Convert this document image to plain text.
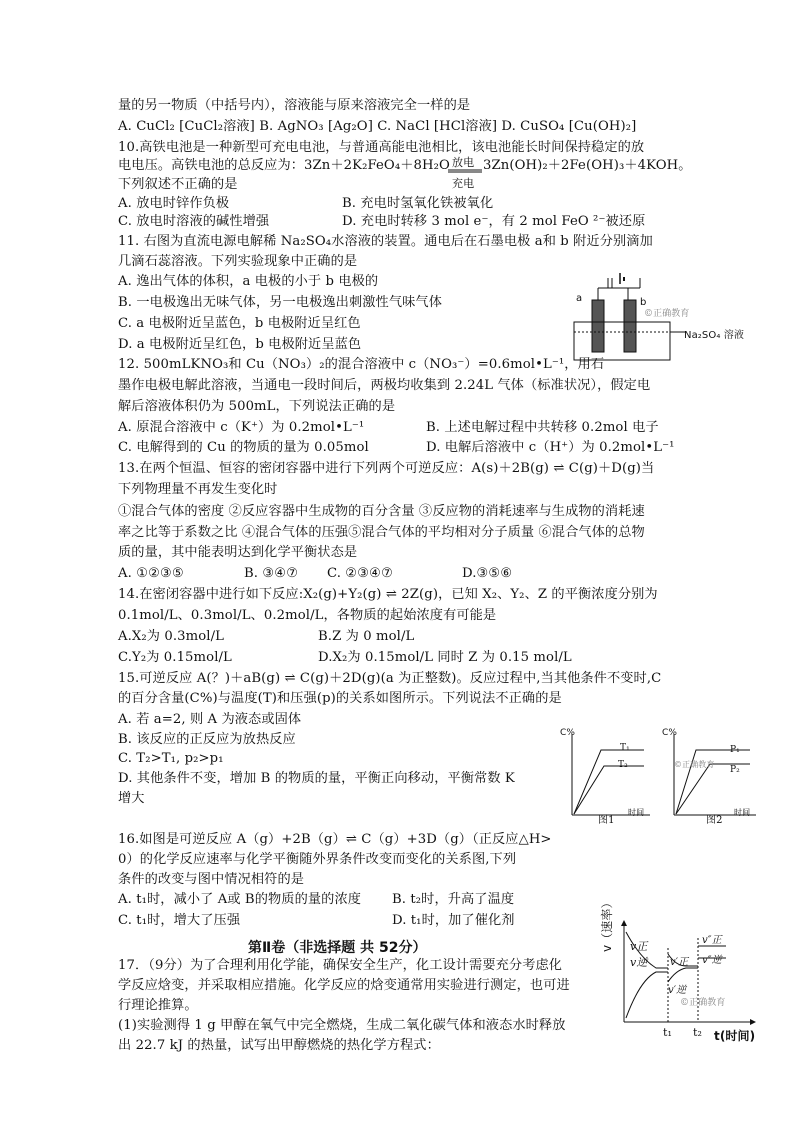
量的另一物质（中括号内），溶液能与原来溶液完全一样的是
A. CuCl₂ [CuCl₂溶液] B. AgNO₃ [Ag₂O] C. NaCl [HCl溶液] D. CuSO₄ [Cu(OH)₂]
10.高铁电池是一种新型可充电电池，与普通高能电池相比，该电池能长时间保持稳定的放
电电压。高铁电池的总反应为：3Zn＋2K₂FeO₄＋8H₂O	3Zn(OH)₂＋2Fe(OH)₃＋4KOH。
放电
充电
下列叙述不正确的是
A. 放电时锌作负极	B. 充电时氢氧化铁被氧化
C. 放电时溶液的碱性增强	D. 充电时转移 3 mol e⁻，有 2 mol FeO ²⁻被还原
11. 右图为直流电源电解稀 Na₂SO₄水溶液的装置。通电后在石墨电极 a和 b 附近分别滴加
几滴石蕊溶液。下列实验现象中正确的是
A. 逸出气体的体积，a 电极的小于 b 电极的
B. 一电极逸出无味气体，另一电极逸出刺激性气味气体
C. a 电极附近呈蓝色，b 电极附近呈红色
D. a 电极附近呈红色，b 电极附近呈蓝色
a	b
©正确教育
Na₂SO₄ 溶液
12. 500mLKNO₃和 Cu（NO₃）₂的混合溶液中 c（NO₃⁻）=0.6mol•L⁻¹，用石
墨作电极电解此溶液，当通电一段时间后，两极均收集到 2.24L 气体（标准状况），假定电
解后溶液体积仍为 500mL，下列说法正确的是
A. 原混合溶液中 c（K⁺）为 0.2mol•L⁻¹	B. 上述电解过程中共转移 0.2mol 电子
C. 电解得到的 Cu 的物质的量为 0.05mol	D. 电解后溶液中 c（H⁺）为 0.2mol•L⁻¹
13.在两个恒温、恒容的密闭容器中进行下列两个可逆反应：A(s)＋2B(g) ⇌ C(g)＋D(g)当
下列物理量不再发生变化时
①混合气体的密度 ②反应容器中生成物的百分含量 ③反应物的消耗速率与生成物的消耗速
率之比等于系数之比 ④混合气体的压强⑤混合气体的平均相对分子质量 ⑥混合气体的总物
质的量，其中能表明达到化学平衡状态是
A. ①②③⑤	B. ③④⑦ C. ②③④⑦	D.③⑤⑥
14.在密闭容器中进行如下反应:X₂(g)+Y₂(g) ⇌ 2Z(g)，已知 X₂、Y₂、Z 的平衡浓度分别为
0.1mol/L、0.3mol/L、0.2mol/L，各物质的起始浓度有可能是
A.X₂为 0.3mol/L	B.Z 为 0 mol/L
C.Y₂为 0.15mol/L	D.X₂为 0.15mol/L 同时 Z 为 0.15 mol/L
15.可逆反应 A(？)＋aB(g) ⇌ C(g)＋2D(g)(a 为正整数)。反应过程中,当其他条件不变时,C
的百分含量(C%)与温度(T)和压强(p)的关系如图所示。下列说法不正确的是
A. 若 a=2, 则 A 为液态或固体
B. 该反应的正反应为放热反应
C. T₂>T₁, p₂>p₁
D. 其他条件不变，增加 B 的物质的量，平衡正向移动，平衡常数 K
增大
C%
T₁
T₂
时间
图1
C%
P₁
P₂
©正确教育
时间
图2
16.如图是可逆反应 A（g）+2B（g）⇌ C（g）+3D（g）（正反应△H>
0）的化学反应速率与化学平衡随外界条件改变而变化的关系图,下列
条件的改变与图中情况相符的是
A. t₁时，减小了 A或 B的物质的量的浓度 B. t₂时，升高了温度
C. t₁时，增大了压强	D. t₁时，加了催化剂
第Ⅱ卷（非选择题 共 52分）
17．（9分）为了合理利用化学能，确保安全生产，化工设计需要充分考虑化
学反应焓变，并采取相应措施。化学反应的焓变通常用实验进行测定，也可进
行理论推算。
(1)实验测得 1 g 甲醇在氧气中完全燃烧，生成二氧化碳气体和液态水时释放
出 22.7 kJ 的热量，试写出甲醇燃烧的热化学方程式：
v（速率） v正
v逆 v′正
v′逆
v″正
v″逆
©正确教育
t₁ t₂ t(时间)
